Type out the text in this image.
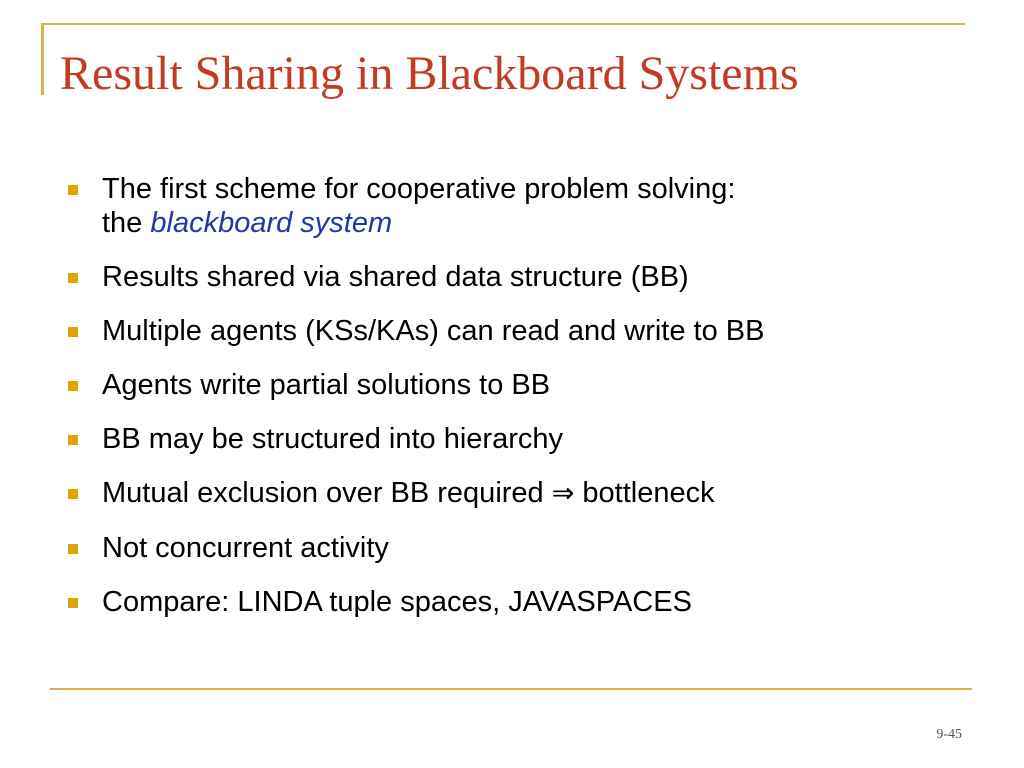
Result Sharing in Blackboard Systems
The first scheme for cooperative problem solving:
the blackboard system
Results shared via shared data structure (BB)
Multiple agents (KSs/KAs) can read and write to BB
Agents write partial solutions to BB
BB may be structured into hierarchy
Mutual exclusion over BB required ⇒ bottleneck
Not concurrent activity
Compare: LINDA tuple spaces, JAVASPACES
9-45
